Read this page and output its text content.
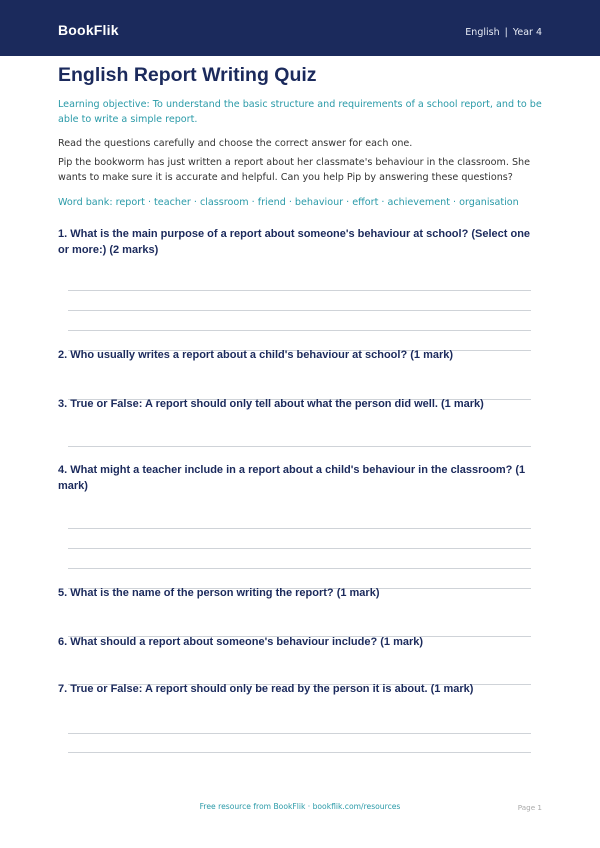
BookFlik	English | Year 4
English Report Writing Quiz

Learning objective: To understand the basic structure and requirements of a school report, and to be able to write a simple report.

Read the questions carefully and choose the correct answer for each one.

Pip the bookworm has just written a report about her classmate's behaviour in the classroom. She wants to make sure it is accurate and helpful. Can you help Pip by answering these questions?

Word bank: report · teacher · classroom · friend · behaviour · effort · achievement · organisation

1. What is the main purpose of a report about someone's behaviour at school? (Select one or more:) (2 marks)

2. Who usually writes a report about a child's behaviour at school? (1 mark)

3. True or False: A report should only tell about what the person did well. (1 mark)

4. What might a teacher include in a report about a child's behaviour in the classroom? (1 mark)

5. What is the name of the person writing the report? (1 mark)

6. What should a report about someone's behaviour include? (1 mark)

7. True or False: A report should only be read by the person it is about. (1 mark)

Free resource from BookFlik · bookflik.com/resources	Page 1
